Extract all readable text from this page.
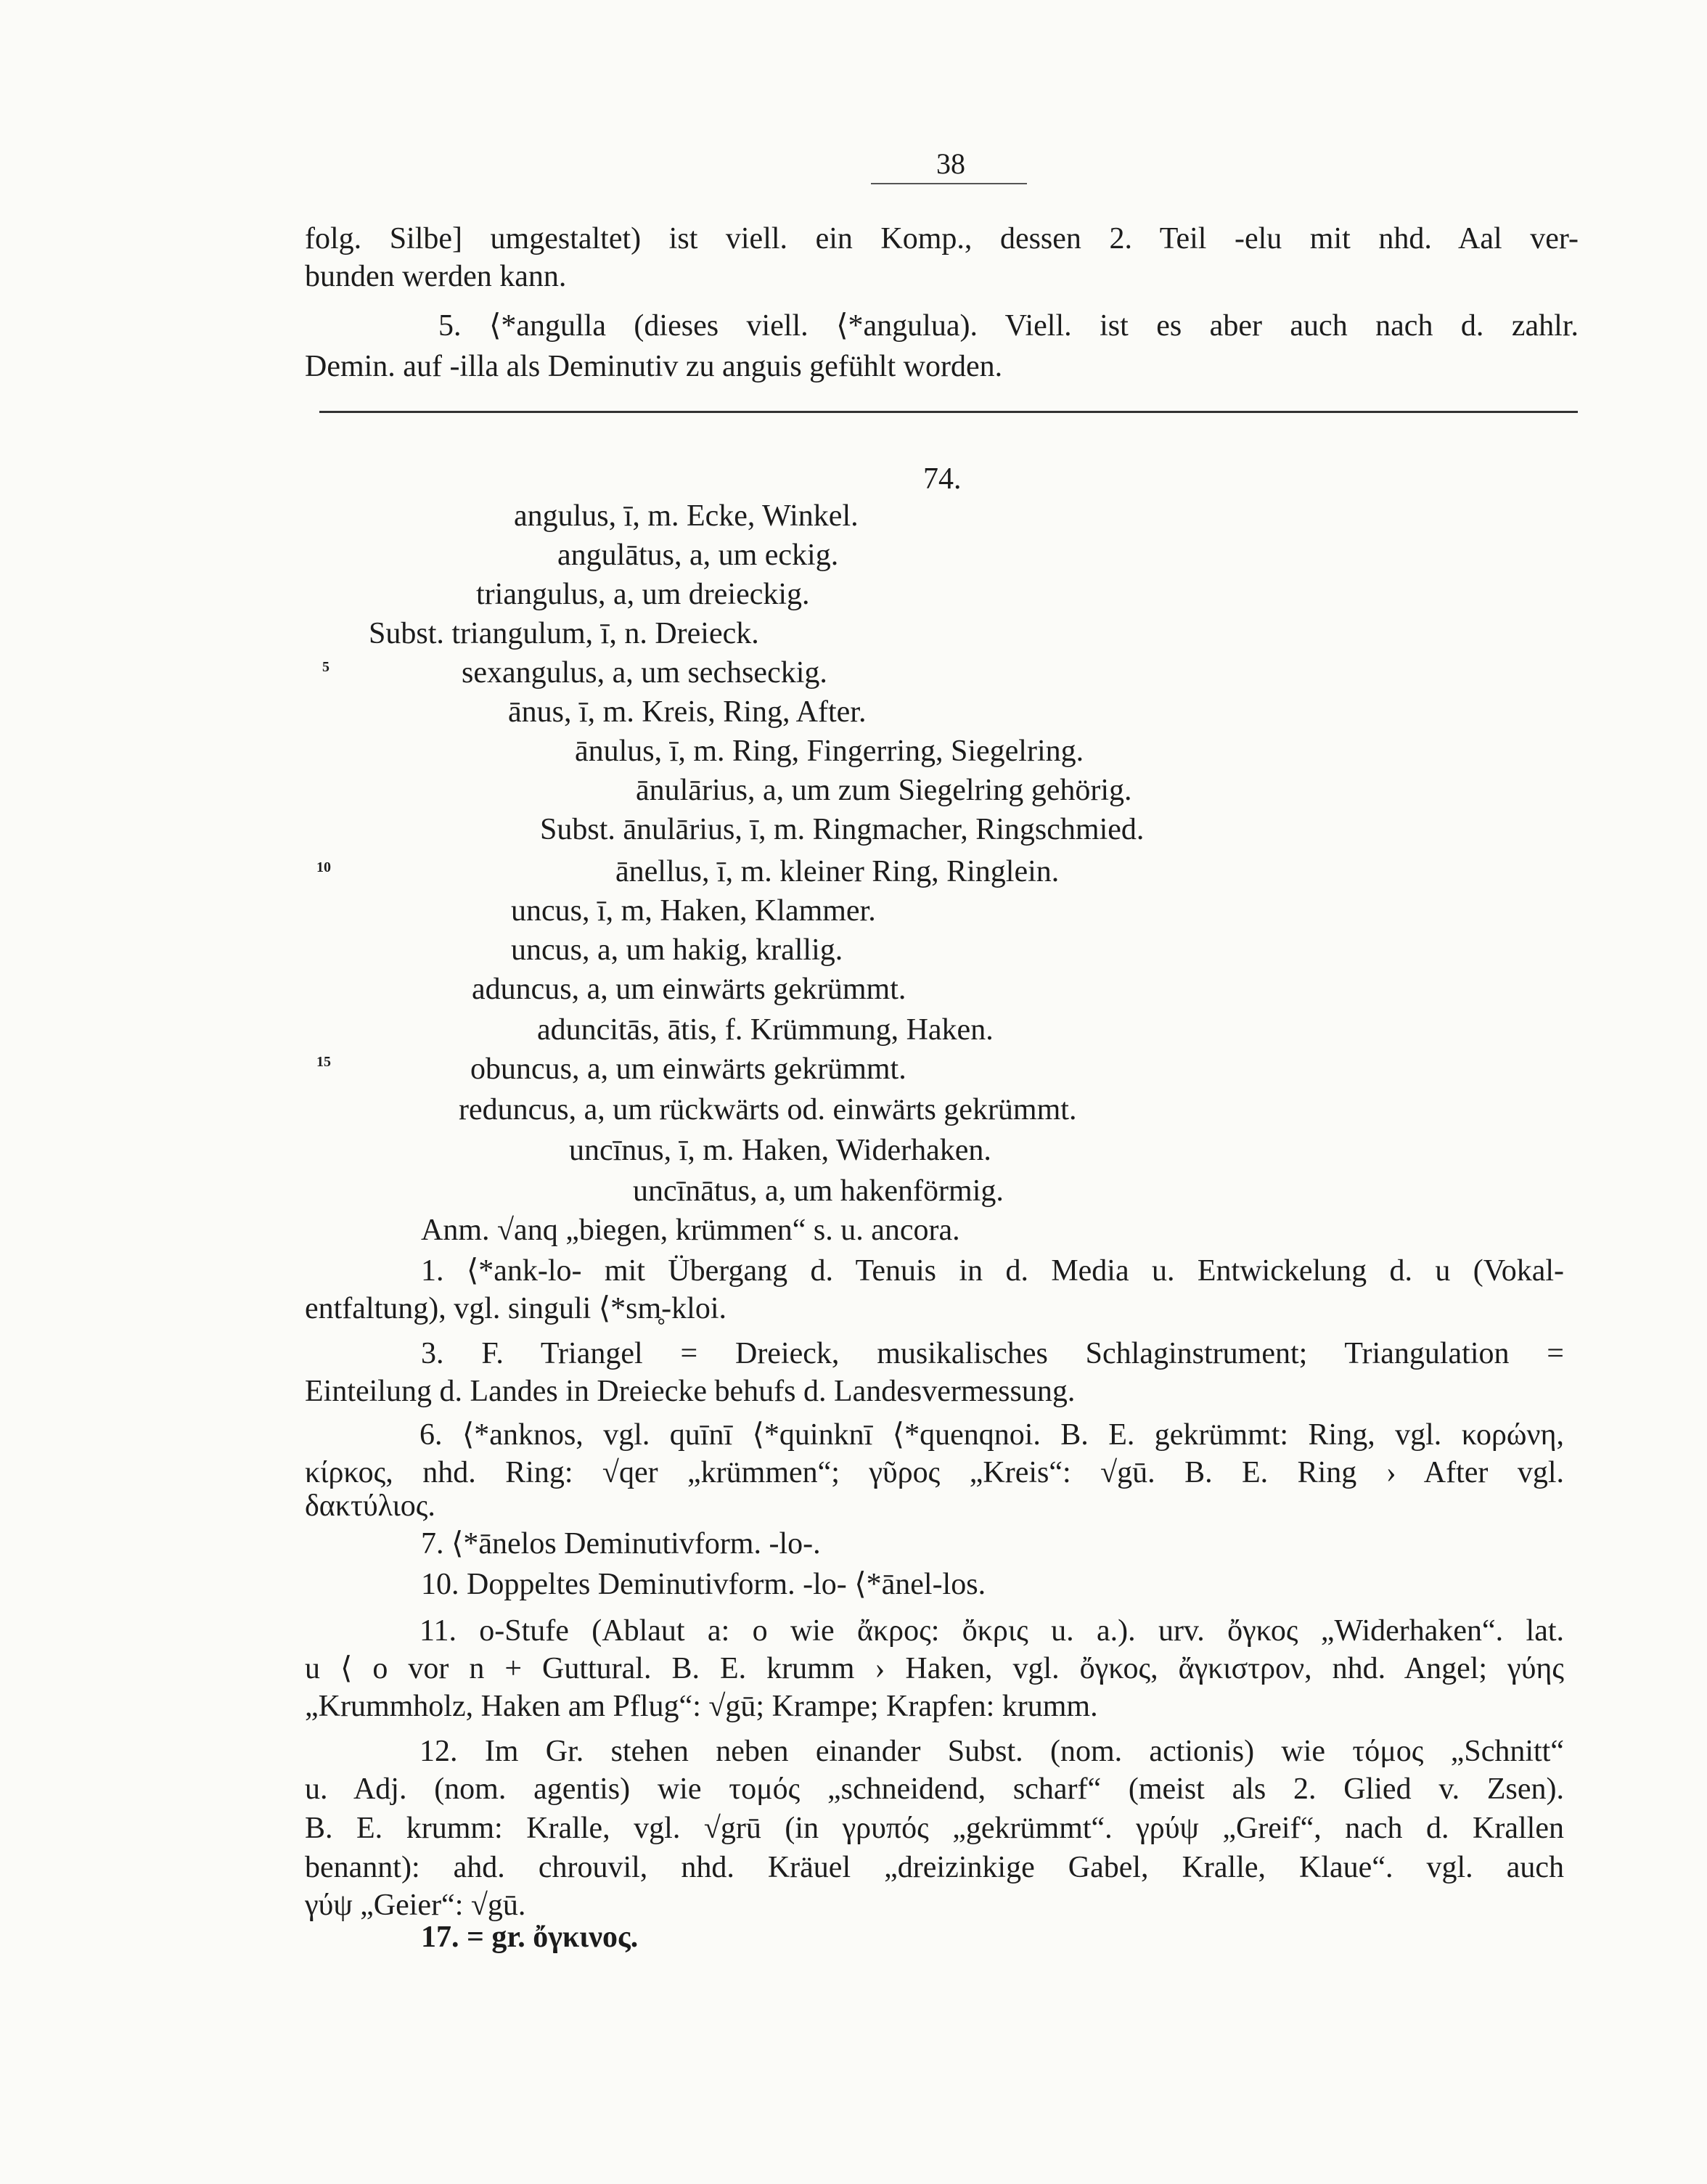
38
folg. Silbe] umgestaltet) ist viell. ein Komp., dessen 2. Teil -elu mit nhd. Aal ver-
bunden werden kann.
5. ⟨*angulla (dieses viell. ⟨*angulua). Viell. ist es aber auch nach d. zahlr.
Demin. auf -illa als Deminutiv zu anguis gefühlt worden.
74.
5
10
15
angulus, ī, m. Ecke, Winkel.
angulātus, a, um eckig.
triangulus, a, um dreieckig.
Subst. triangulum, ī, n. Dreieck.
sexangulus, a, um sechseckig.
ānus, ī, m. Kreis, Ring, After.
ānulus, ī, m. Ring, Fingerring, Siegelring.
ānulārius, a, um zum Siegelring gehörig.
Subst. ānulārius, ī, m. Ringmacher, Ringschmied.
ānellus, ī, m. kleiner Ring, Ringlein.
uncus, ī, m, Haken, Klammer.
uncus, a, um hakig, krallig.
aduncus, a, um einwärts gekrümmt.
aduncitās, ātis, f. Krümmung, Haken.
obuncus, a, um einwärts gekrümmt.
reduncus, a, um rückwärts od. einwärts gekrümmt.
uncīnus, ī, m. Haken, Widerhaken.
uncīnātus, a, um hakenförmig.
Anm. √anq „biegen, krümmen“ s. u. ancora.
1. ⟨*ank-lo- mit Übergang d. Tenuis in d. Media u. Entwickelung d. u (Vokal-
entfaltung), vgl. singuli ⟨*sm̥-kloi.
3. F. Triangel = Dreieck, musikalisches Schlaginstrument; Triangulation =
Einteilung d. Landes in Dreiecke behufs d. Landesvermessung.
6. ⟨*anknos, vgl. quīnī ⟨*quinknī ⟨*quenqnoi. B. E. gekrümmt: Ring, vgl. κορώνη,
κίρκος, nhd. Ring: √qer „krümmen“; γῦρος „Kreis“: √gū. B. E. Ring › After vgl.
δακτύλιος.
7. ⟨*ānelos Deminutivform. -lo-.
10. Doppeltes Deminutivform. -lo- ⟨*ānel-los.
11. o-Stufe (Ablaut a: o wie ἄκρος: ὄκρις u. a.). urv. ὄγκος „Widerhaken“. lat.
u ⟨ o vor n + Guttural. B. E. krumm › Haken, vgl. ὄγκος, ἄγκιστρον, nhd. Angel; γύης
„Krummholz, Haken am Pflug“: √gū; Krampe; Krapfen: krumm.
12. Im Gr. stehen neben einander Subst. (nom. actionis) wie τόμος „Schnitt“
u. Adj. (nom. agentis) wie τομός „schneidend, scharf“ (meist als 2. Glied v. Zsen).
B. E. krumm: Kralle, vgl. √grū (in γρυπός „gekrümmt“. γρύψ „Greif“, nach d. Krallen
benannt): ahd. chrouvil, nhd. Kräuel „dreizinkige Gabel, Kralle, Klaue“. vgl. auch
γύψ „Geier“: √gū.
17. = gr. ὄγκινος.
